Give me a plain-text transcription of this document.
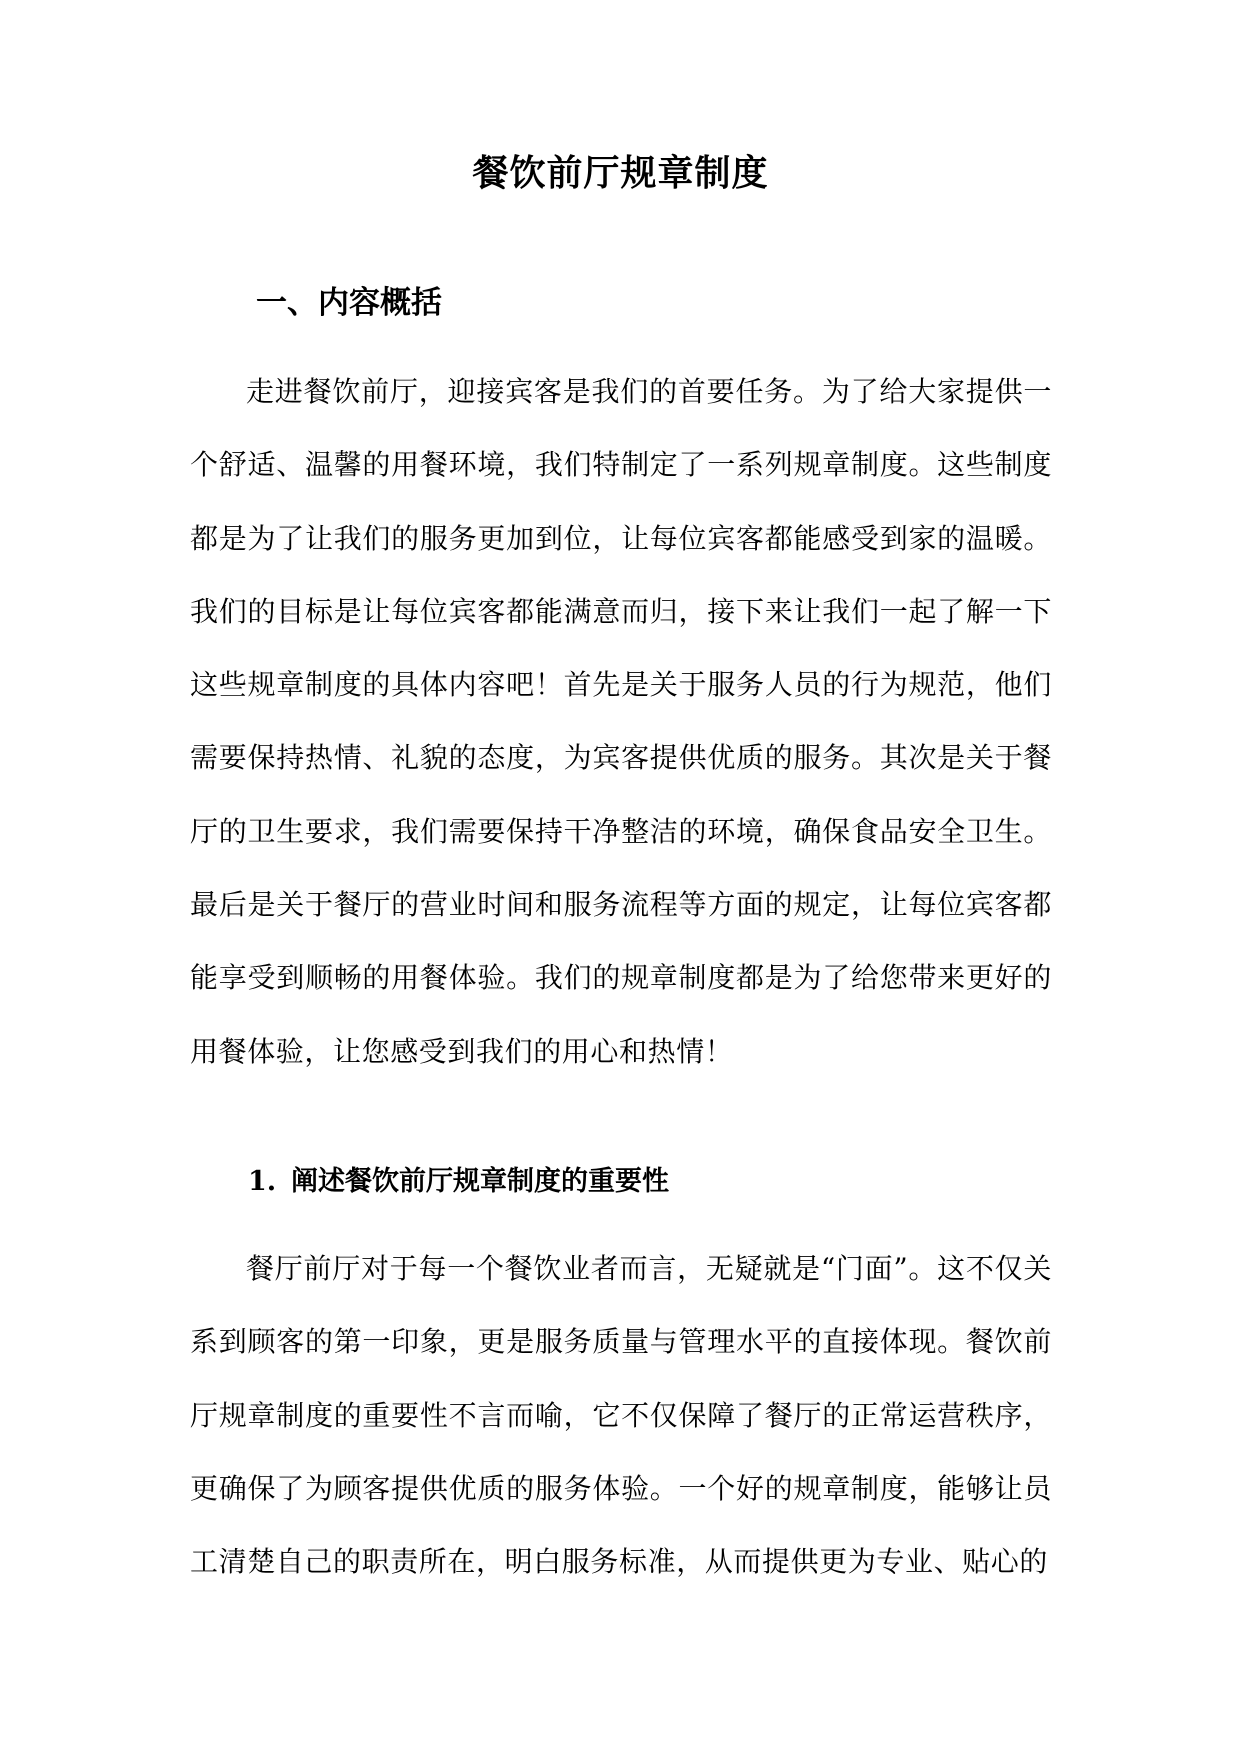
餐饮前厅规章制度
一、内容概括

走进餐饮前厅，迎接宾客是我们的首要任务。为了给大家提供一个舒适、温馨的用餐环境，我们特制定了一系列规章制度。这些制度都是为了让我们的服务更加到位，让每位宾客都能感受到家的温暖。我们的目标是让每位宾客都能满意而归，接下来让我们一起了解一下这些规章制度的具体内容吧！首先是关于服务人员的行为规范，他们需要保持热情、礼貌的态度，为宾客提供优质的服务。其次是关于餐厅的卫生要求，我们需要保持干净整洁的环境，确保食品安全卫生。最后是关于餐厅的营业时间和服务流程等方面的规定，让每位宾客都能享受到顺畅的用餐体验。我们的规章制度都是为了给您带来更好的用餐体验，让您感受到我们的用心和热情！

1. 阐述餐饮前厅规章制度的重要性

餐厅前厅对于每一个餐饮业者而言，无疑就是“门面”。这不仅关系到顾客的第一印象，更是服务质量与管理水平的直接体现。餐饮前厅规章制度的重要性不言而喻，它不仅保障了餐厅的正常运营秩序，更确保了为顾客提供优质的服务体验。一个好的规章制度，能够让员工清楚自己的职责所在，明白服务标准，从而提供更为专业、贴心的
